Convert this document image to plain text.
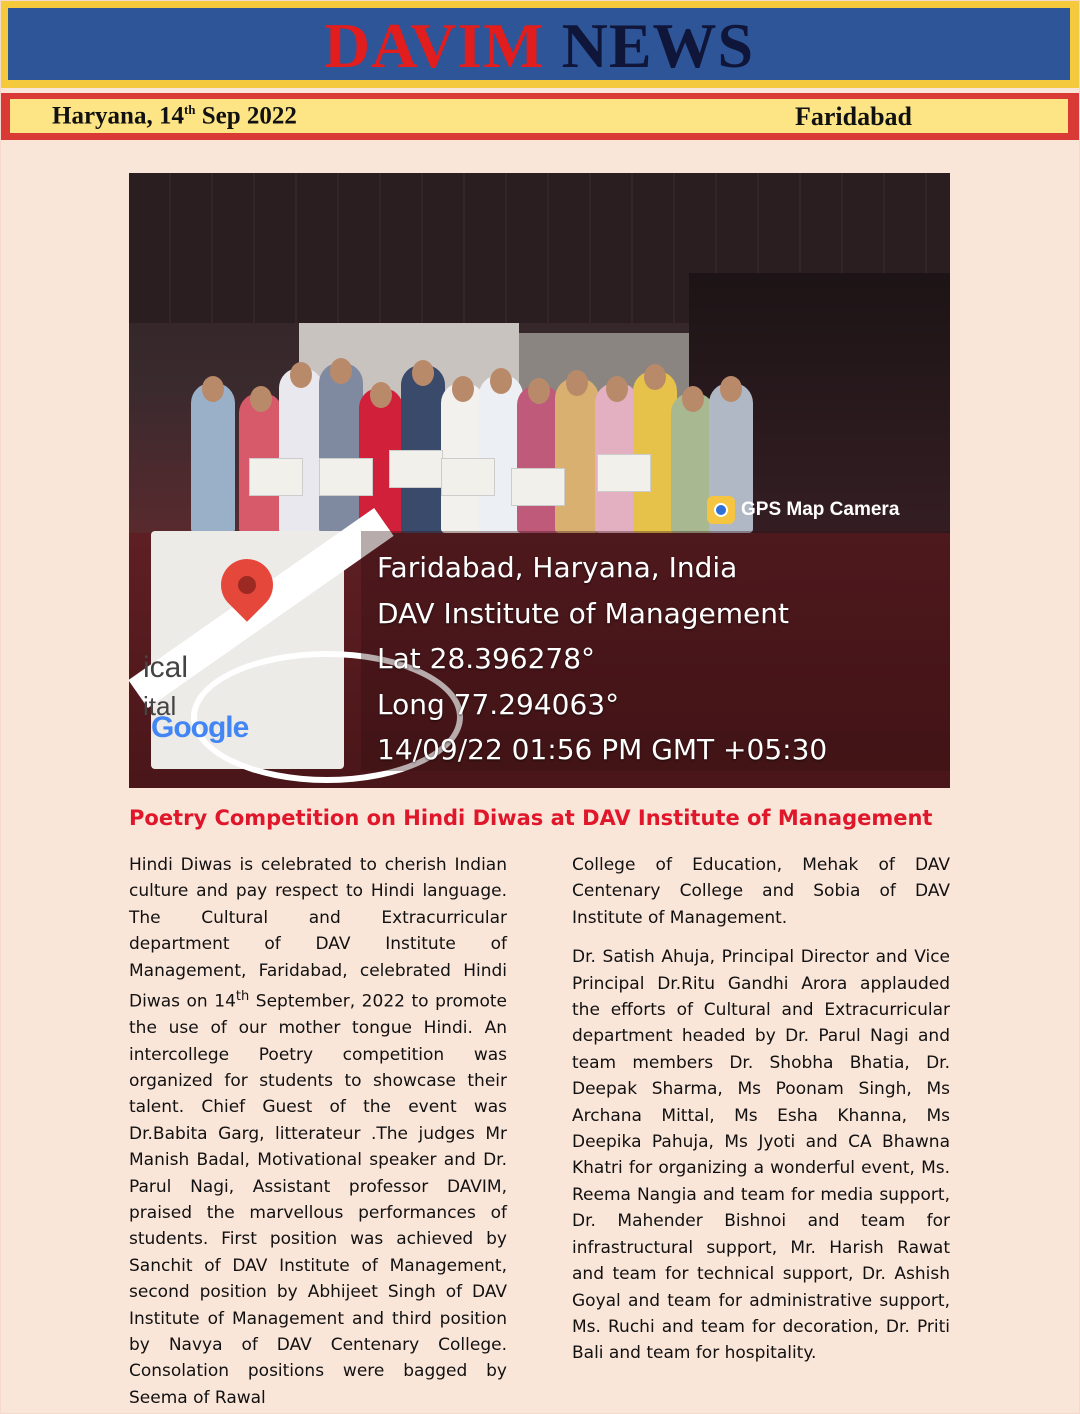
DAVIM NEWS
Haryana, 14th Sep 2022	Faridabad
GPS Map Camera
ical
ital
Google
Faridabad, Haryana, India
DAV Institute of Management
Lat 28.396278°
Long 77.294063°
14/09/22 01:56 PM GMT +05:30
Poetry Competition on Hindi Diwas at DAV Institute of Management

Hindi Diwas is celebrated to cherish Indian culture and pay respect to Hindi language. The Cultural and Extracurricular department of DAV Institute of Management, Faridabad, celebrated Hindi Diwas on 14th September, 2022 to promote the use of our mother tongue Hindi. An intercollege Poetry competition was organized for students to showcase their talent. Chief Guest of the event was Dr.Babita Garg, litterateur .The judges Mr Manish Badal, Motivational speaker and Dr. Parul Nagi, Assistant professor DAVIM, praised the marvellous performances of students. First position was achieved by Sanchit of DAV Institute of Management, second position by Abhijeet Singh of DAV Institute of Management and third position by Navya of DAV Centenary College. Consolation positions were bagged by Seema of Rawal

College of Education, Mehak of DAV Centenary College and Sobia of DAV Institute of Management.

Dr. Satish Ahuja, Principal Director and Vice Principal Dr.Ritu Gandhi Arora applauded the efforts of Cultural and Extracurricular department headed by Dr. Parul Nagi and team members Dr. Shobha Bhatia, Dr. Deepak Sharma, Ms Poonam Singh, Ms Archana Mittal, Ms Esha Khanna, Ms Deepika Pahuja, Ms Jyoti and CA Bhawna Khatri for organizing a wonderful event, Ms. Reema Nangia and team for media support, Dr. Mahender Bishnoi and team for infrastructural support, Mr. Harish Rawat and team for technical support, Dr. Ashish Goyal and team for administrative support, Ms. Ruchi and team for decoration, Dr. Priti Bali and team for hospitality.
